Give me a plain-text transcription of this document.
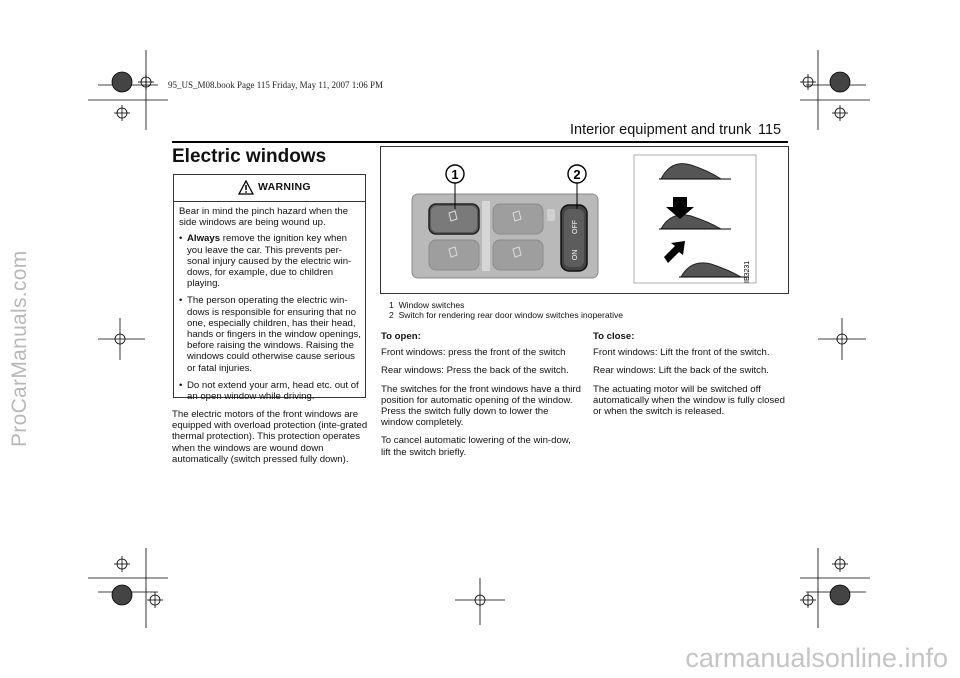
ProCarManuals.com
carmanualsonline.info
95_US_M08.book Page 115 Friday, May 11, 2007 1:06 PM
Interior equipment and trunk 115
Electric windows
WARNING

Bear in mind the pinch hazard when the side windows are being wound up.

• Always remove the ignition key when you leave the car. This prevents per-sonal injury caused by the electric win-dows, for example, due to children playing.
• The person operating the electric win-dows is responsible for ensuring that no one, especially children, has their head, hands or fingers in the window openings, before raising the windows. Raising the windows could otherwise cause serious or fatal injuries.
• Do not extend your arm, head etc. out of an open window while driving.
The electric motors of the front windows are equipped with overload protection (inte-grated thermal protection). This protection operates when the windows are wound down automatically (switch pressed fully down).
OFF
ON
1	2
IB3231
1 Window switches
2 Switch for rendering rear door window switches inoperative
To open:

Front windows: press the front of the switch

Rear windows: Press the back of the switch.

The switches for the front windows have a third position for automatic opening of the window. Press the switch fully down to lower the window completely.

To cancel automatic lowering of the win-dow, lift the switch briefly.

To close:

Front windows: Lift the front of the switch.

Rear windows: Lift the back of the switch.

The actuating motor will be switched off automatically when the window is fully closed or when the switch is released.
